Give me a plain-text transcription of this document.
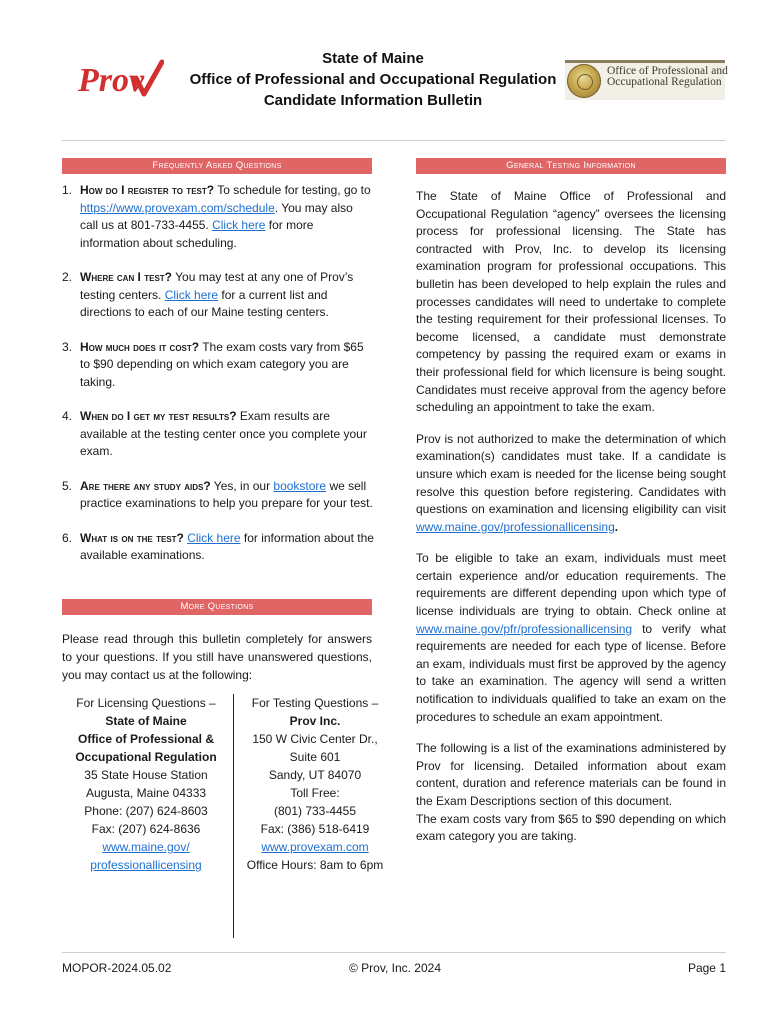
Prov
State of Maine
Office of Professional and Occupational Regulation
Candidate Information Bulletin
Office of Professional and
Occupational Regulation
Frequently Asked Questions	General Testing Information
1. How do I register to test? To schedule for testing, go to https://www.provexam.com/schedule. You may also call us at 801-733-4455. Click here for more information about scheduling.
2. Where can I test? You may test at any one of Prov’s testing centers. Click here for a current list and directions to each of our Maine testing centers.
3. How much does it cost? The exam costs vary from $65 to $90 depending on which exam category you are taking.
4. When do I get my test results? Exam results are available at the testing center once you complete your exam.
5. Are there any study aids? Yes, in our bookstore we sell practice examinations to help you prepare for your test.
6. What is on the test? Click here for information about the available examinations.
More Questions
Please read through this bulletin completely for answers to your questions. If you still have unanswered questions, you may contact us at the following:
For Licensing Questions –
State of Maine
Office of Professional &
Occupational Regulation
35 State House Station
Augusta, Maine 04333
Phone: (207) 624-8603
Fax: (207) 624-8636
www.maine.gov/
professionallicensing
For Testing Questions –
Prov Inc.
150 W Civic Center Dr.,
Suite 601
Sandy, UT 84070
Toll Free:
(801) 733-4455
Fax: (386) 518-6419
www.provexam.com
Office Hours: 8am to 6pm

The State of Maine Office of Professional and Occupational Regulation “agency” oversees the licensing process for professional licensing. The State has contracted with Prov, Inc. to develop its licensing examination program for professional occupations. This bulletin has been developed to help explain the rules and processes candidates will need to undertake to complete the testing requirement for their professional licenses. To become licensed, a candidate must demonstrate competency by passing the required exam or exams in their professional field for which licensure is being sought. Candidates must receive approval from the agency before scheduling an appointment to take the exam.

Prov is not authorized to make the determination of which examination(s) candidates must take. If a candidate is unsure which exam is needed for the license being sought resolve this question before registering. Candidates with questions on examination and licensing eligibility can visit www.maine.gov/professionallicensing.

To be eligible to take an exam, individuals must meet certain experience and/or education requirements. The requirements are different depending upon which type of license individuals are trying to obtain. Check online at www.maine.gov/pfr/professionallicensing to verify what requirements are needed for each type of license. Before an exam, individuals must first be approved by the agency to take an examination. The agency will send a written notification to individuals qualified to take an exam on the procedures to schedule an exam appointment.

The following is a list of the examinations administered by Prov for licensing. Detailed information about exam content, duration and reference materials can be found in the Exam Descriptions section of this document.

The exam costs vary from $65 to $90 depending on which exam category you are taking.

MOPOR-2024.05.02	© Prov, Inc. 2024	Page 1
